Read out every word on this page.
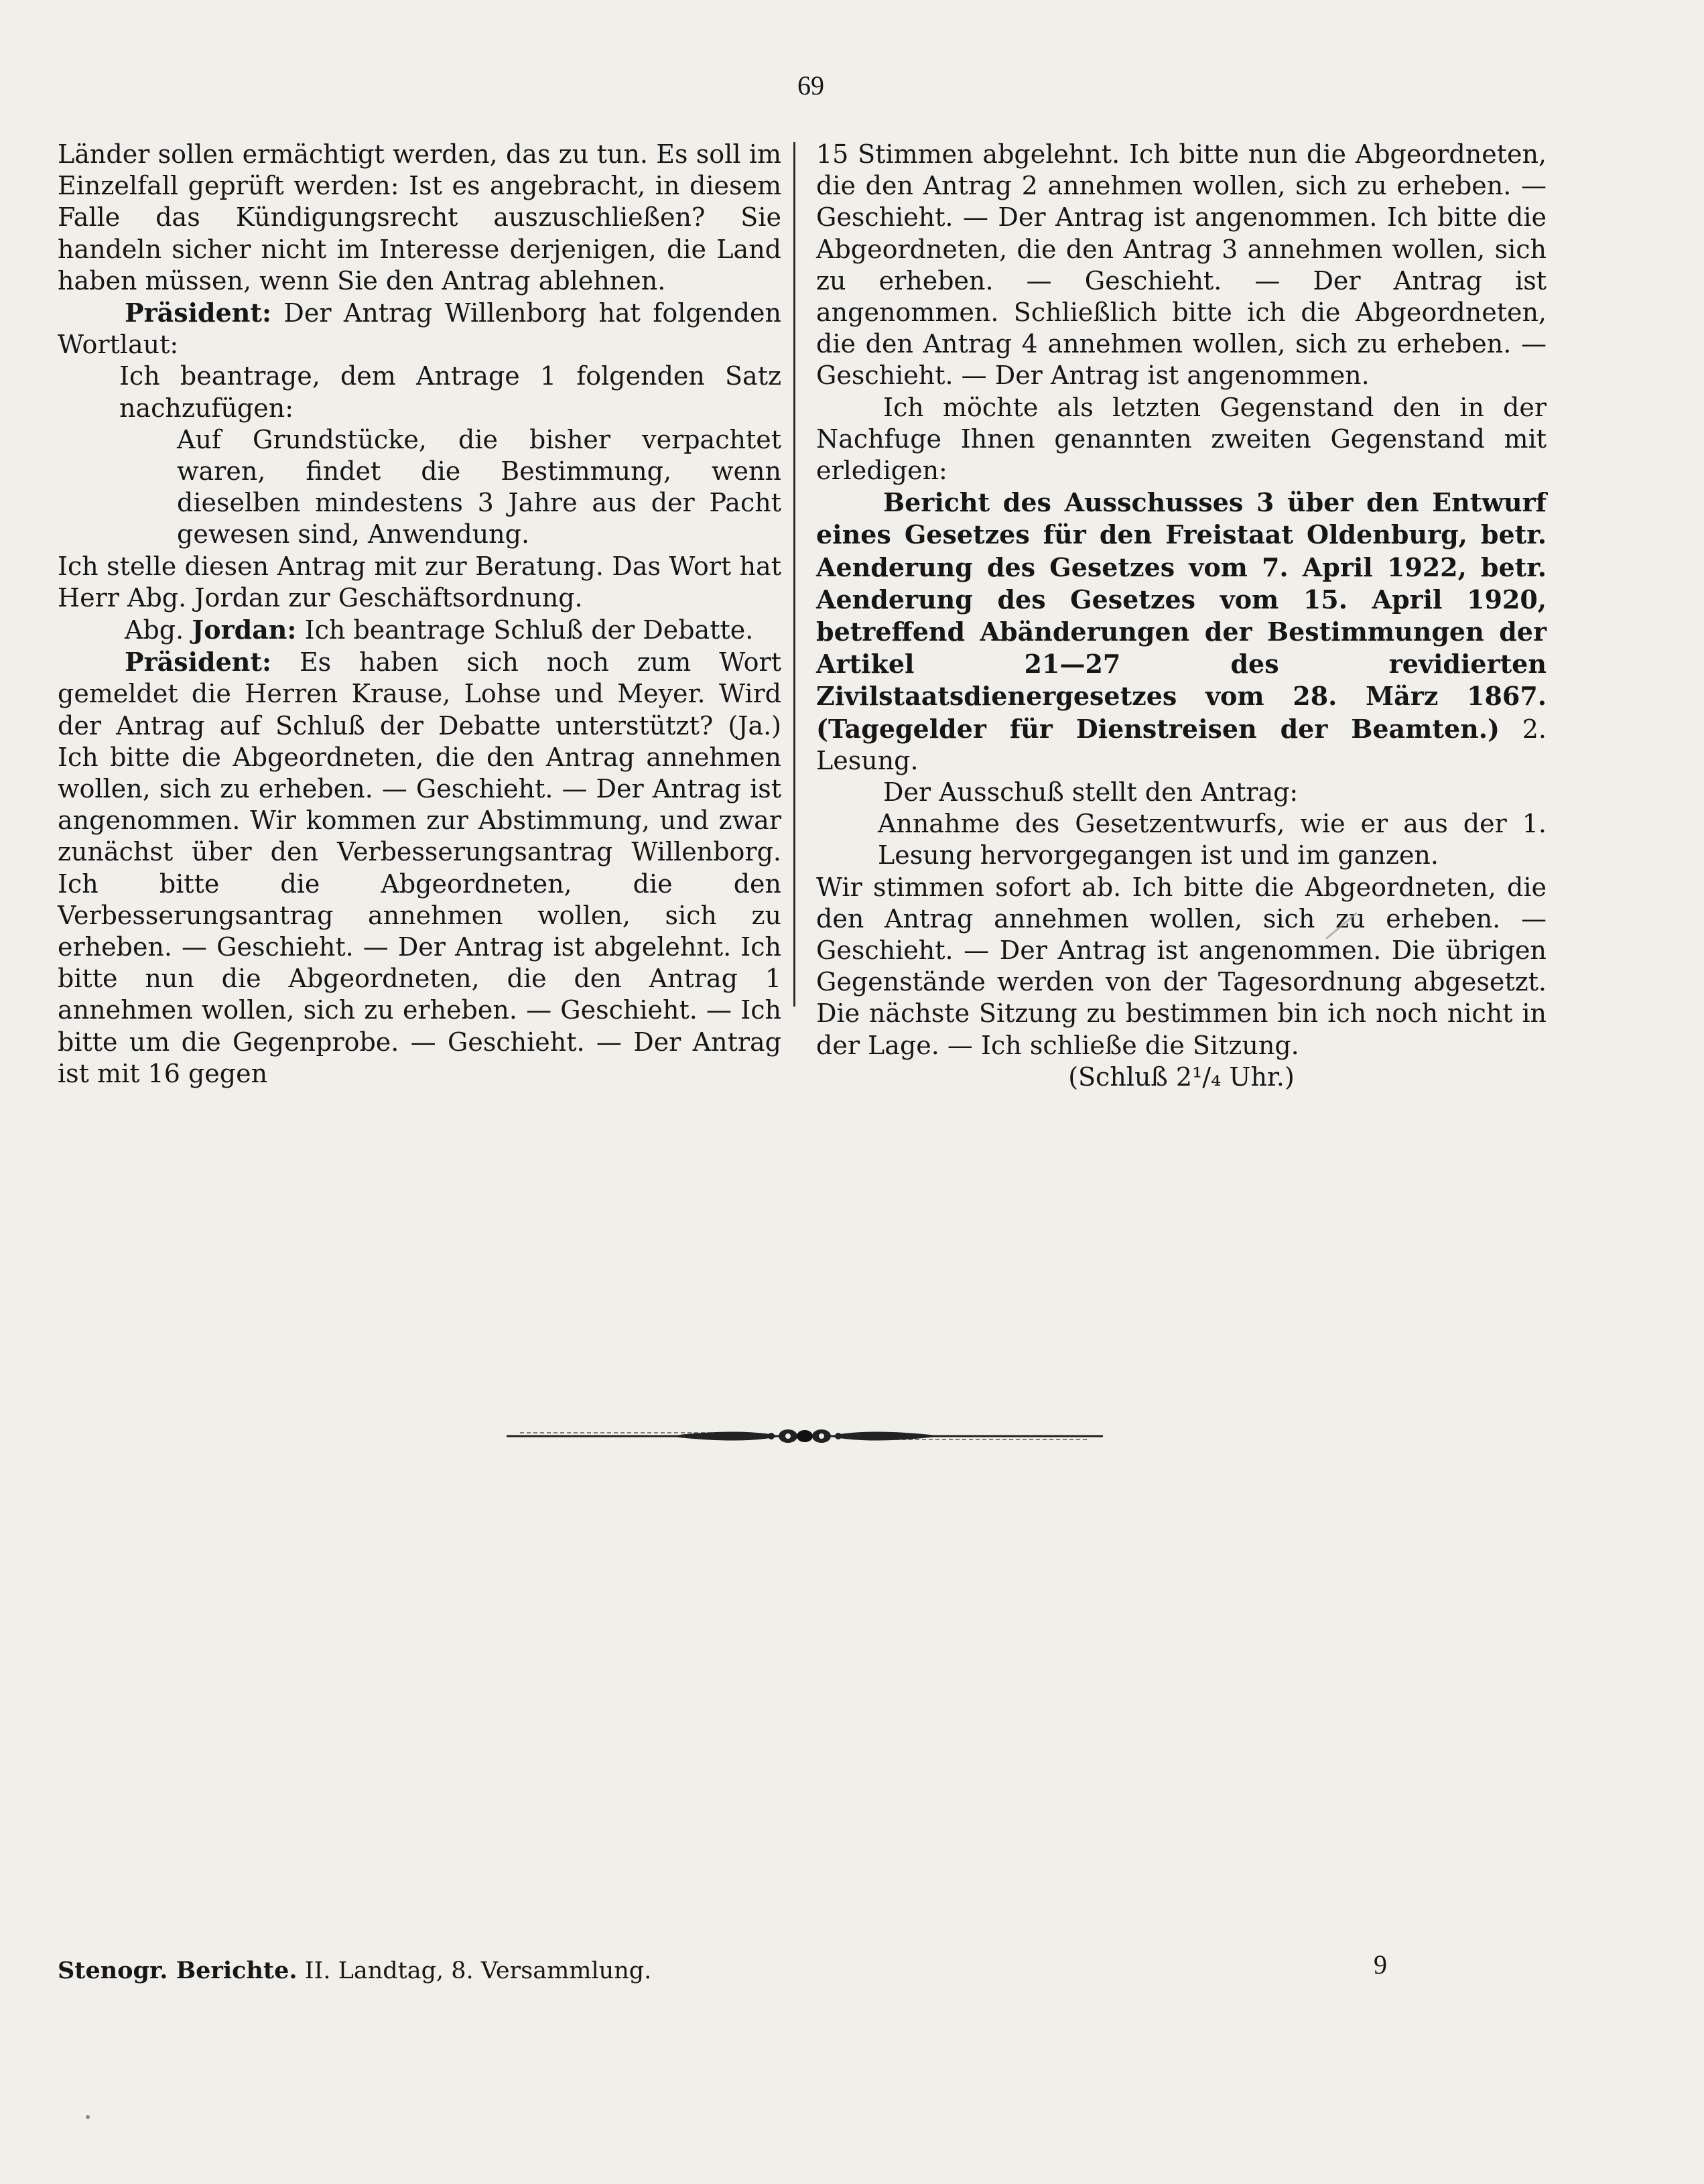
69

Länder sollen ermächtigt werden, das zu tun. Es soll im Einzelfall geprüft werden: Ist es angebracht, in diesem Falle das Kündigungsrecht auszuschließen? Sie handeln sicher nicht im Interesse derjenigen, die Land haben müssen, wenn Sie den Antrag ablehnen.

Präsident: Der Antrag Willenborg hat folgenden Wortlaut:

Ich beantrage, dem Antrage 1 folgenden Satz nachzufügen:

Auf Grundstücke, die bisher verpachtet waren, findet die Bestimmung, wenn dieselben mindestens 3 Jahre aus der Pacht gewesen sind, Anwendung.

Ich stelle diesen Antrag mit zur Beratung. Das Wort hat Herr Abg. Jordan zur Geschäftsordnung.

Abg. Jordan: Ich beantrage Schluß der Debatte.

Präsident: Es haben sich noch zum Wort gemeldet die Herren Krause, Lohse und Meyer. Wird der Antrag auf Schluß der Debatte unterstützt? (Ja.) Ich bitte die Abgeordneten, die den Antrag annehmen wollen, sich zu erheben. — Geschieht. — Der Antrag ist angenommen. Wir kommen zur Abstimmung, und zwar zunächst über den Verbesserungsantrag Willenborg. Ich bitte die Abgeordneten, die den Verbesserungsantrag annehmen wollen, sich zu erheben. — Geschieht. — Der Antrag ist abgelehnt. Ich bitte nun die Abgeordneten, die den Antrag 1 annehmen wollen, sich zu erheben. — Geschieht. — Ich bitte um die Gegenprobe. — Geschieht. — Der Antrag ist mit 16 gegen

15 Stimmen abgelehnt. Ich bitte nun die Abgeordneten, die den Antrag 2 annehmen wollen, sich zu erheben. — Geschieht. — Der Antrag ist angenommen. Ich bitte die Abgeordneten, die den Antrag 3 annehmen wollen, sich zu erheben. — Geschieht. — Der Antrag ist angenommen. Schließlich bitte ich die Abgeordneten, die den Antrag 4 annehmen wollen, sich zu erheben. — Geschieht. — Der Antrag ist angenommen.

Ich möchte als letzten Gegenstand den in der Nachfuge Ihnen genannten zweiten Gegenstand mit erledigen:

Bericht des Ausschusses 3 über den Entwurf eines Gesetzes für den Freistaat Oldenburg, betr. Aenderung des Gesetzes vom 7. April 1922, betr. Aenderung des Gesetzes vom 15. April 1920, betreffend Abänderungen der Bestimmungen der Artikel 21—27 des revidierten Zivilstaatsdienergesetzes vom 28. März 1867. (Tagegelder für Dienstreisen der Beamten.) 2. Lesung.

Der Ausschuß stellt den Antrag:

Annahme des Gesetzentwurfs, wie er aus der 1. Lesung hervorgegangen ist und im ganzen.

Wir stimmen sofort ab. Ich bitte die Abgeordneten, die den Antrag annehmen wollen, sich zu erheben. — Geschieht. — Der Antrag ist angenommen. Die übrigen Gegenstände werden von der Tagesordnung abgesetzt. Die nächste Sitzung zu bestimmen bin ich noch nicht in der Lage. — Ich schließe die Sitzung.

(Schluß 2¹/₄ Uhr.)

Stenogr. Berichte. II. Landtag, 8. Versammlung.	9
